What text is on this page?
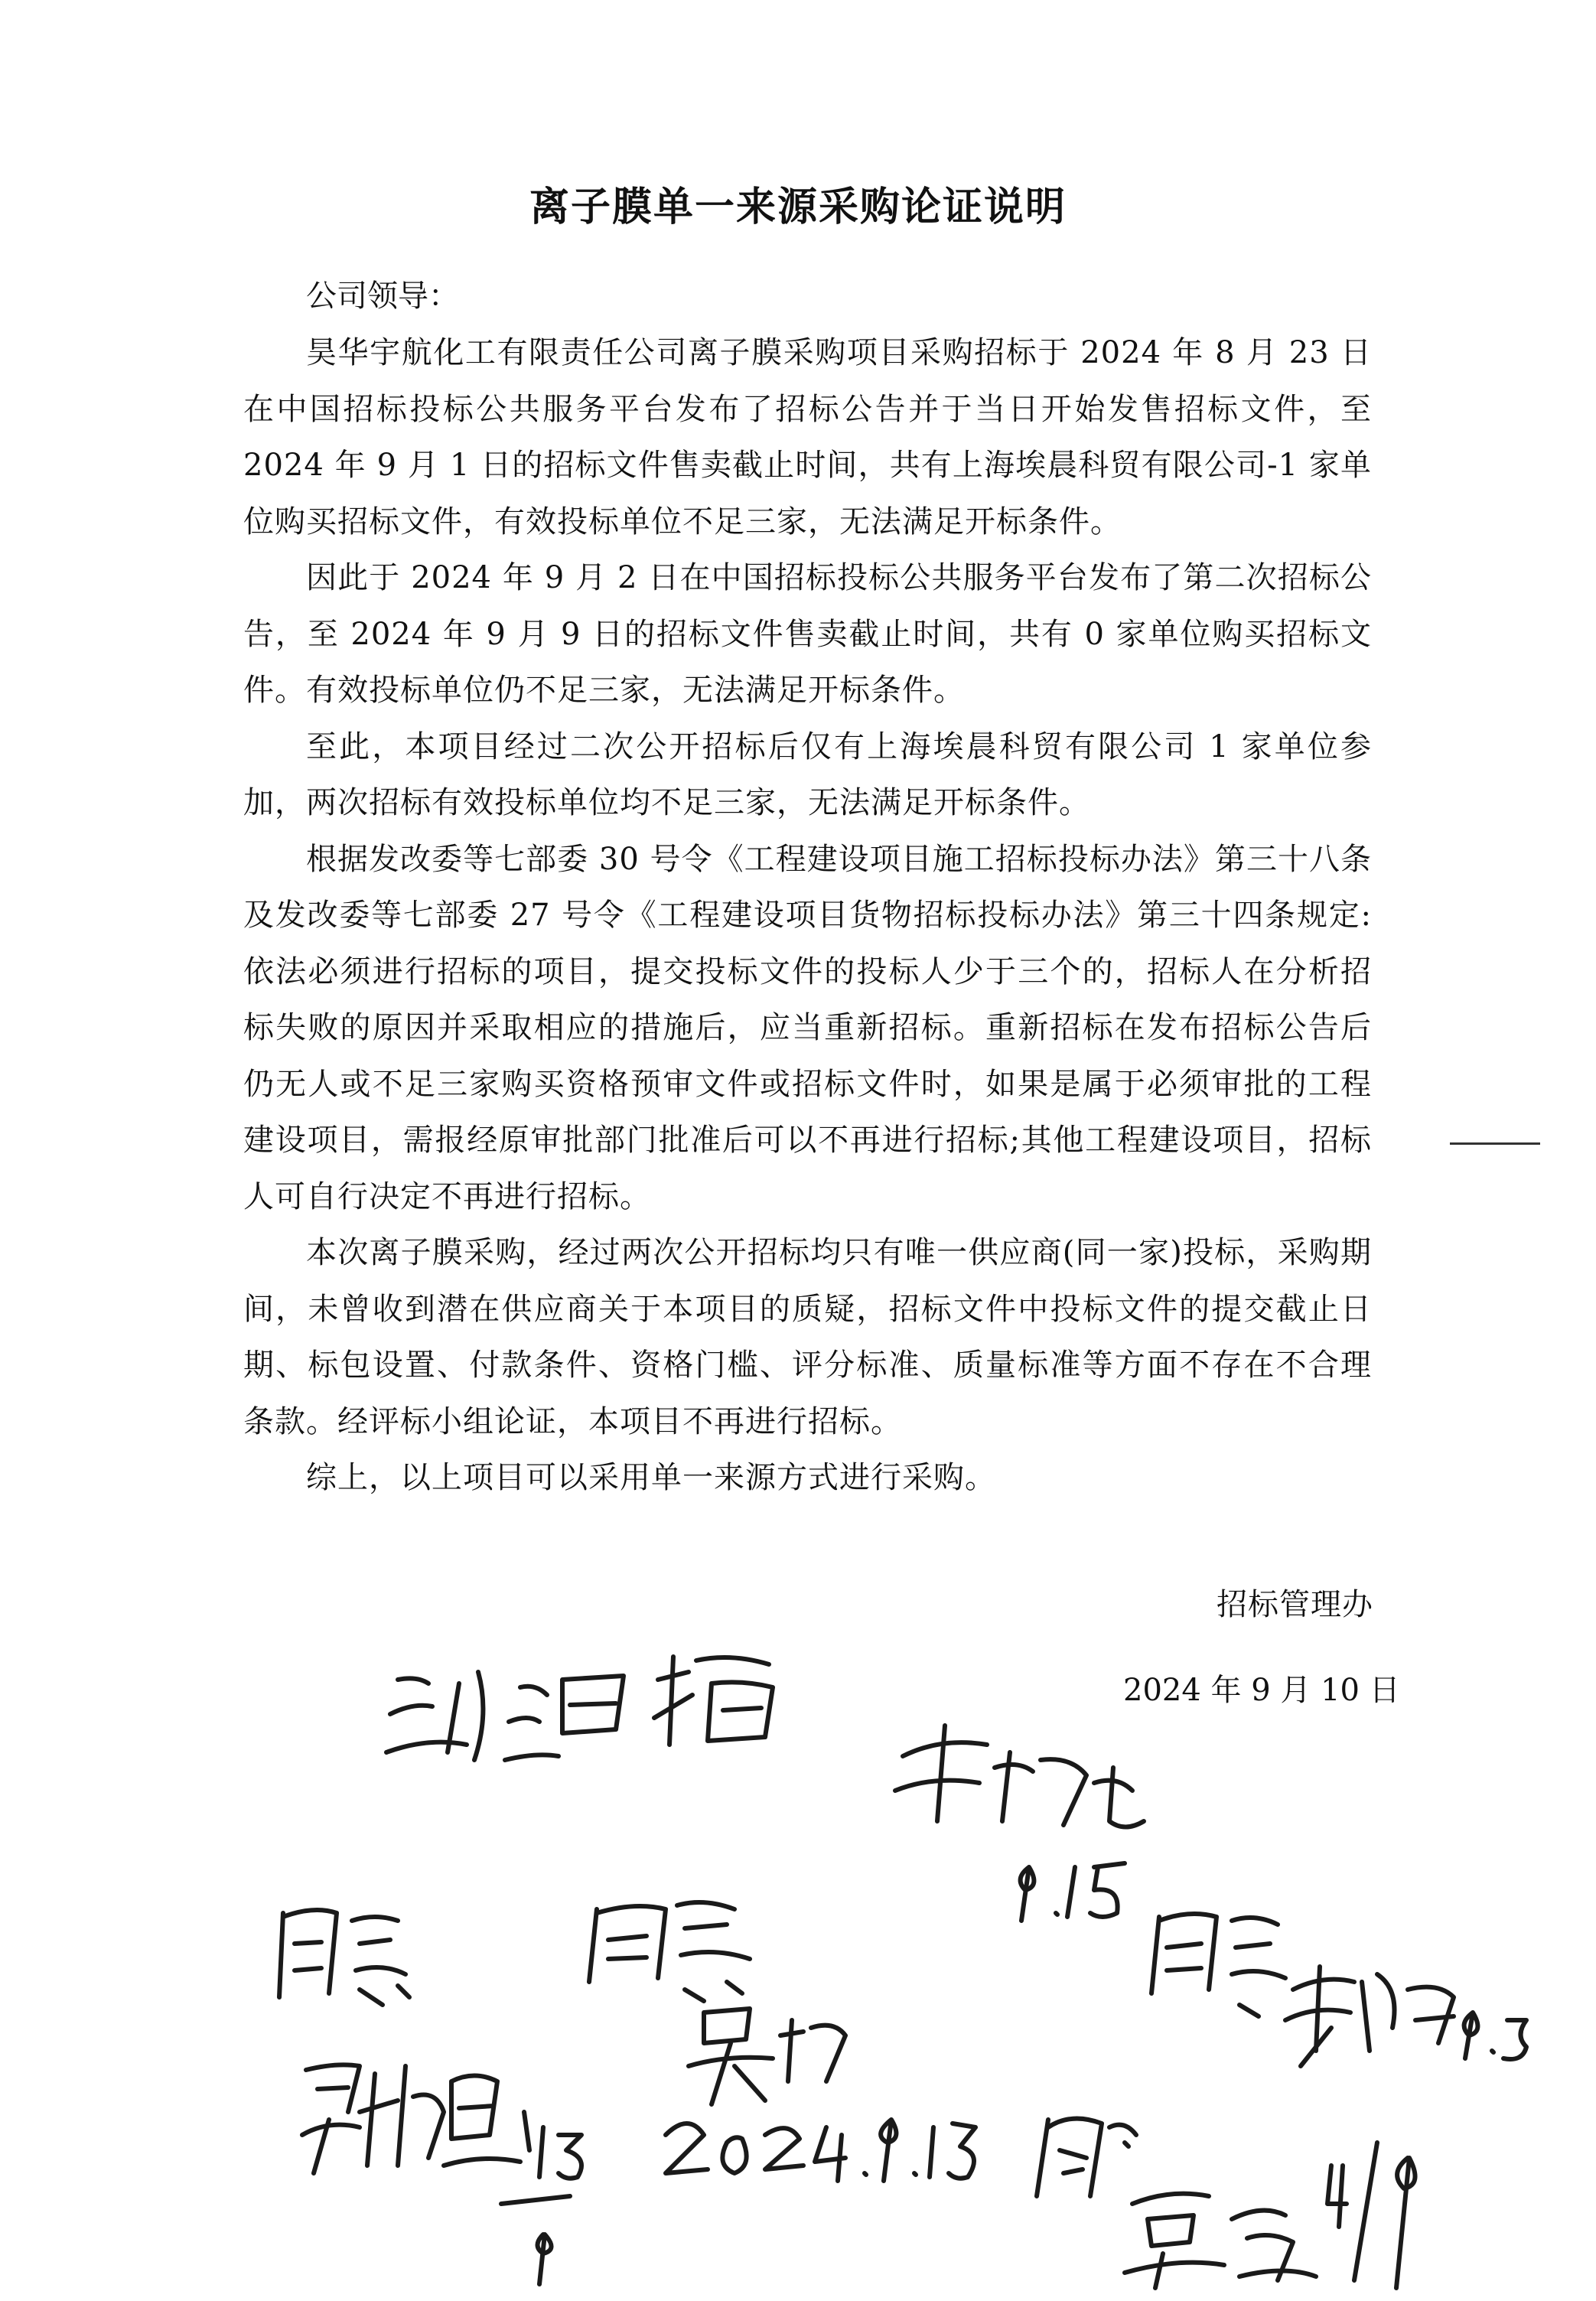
离子膜单一来源采购论证说明
公司领导：

昊华宇航化工有限责任公司离子膜采购项目采购招标于 2024 年 8 月 23 日在中国招标投标公共服务平台发布了招标公告并于当日开始发售招标文件，至 2024 年 9 月 1 日的招标文件售卖截止时间，共有上海埃晨科贸有限公司-1 家单位购买招标文件，有效投标单位不足三家，无法满足开标条件。

因此于 2024 年 9 月 2 日在中国招标投标公共服务平台发布了第二次招标公告，至 2024 年 9 月 9 日的招标文件售卖截止时间，共有 0 家单位购买招标文件。有效投标单位仍不足三家，无法满足开标条件。

至此，本项目经过二次公开招标后仅有上海埃晨科贸有限公司 1 家单位参加，两次招标有效投标单位均不足三家，无法满足开标条件。

根据发改委等七部委 30 号令《工程建设项目施工招标投标办法》第三十八条及发改委等七部委 27 号令《工程建设项目货物招标投标办法》第三十四条规定:依法必须进行招标的项目，提交投标文件的投标人少于三个的，招标人在分析招标失败的原因并采取相应的措施后，应当重新招标。重新招标在发布招标公告后仍无人或不足三家购买资格预审文件或招标文件时，如果是属于必须审批的工程建设项目，需报经原审批部门批准后可以不再进行招标;其他工程建设项目，招标人可自行决定不再进行招标。

本次离子膜采购，经过两次公开招标均只有唯一供应商(同一家)投标，采购期间，未曾收到潜在供应商关于本项目的质疑，招标文件中投标文件的提交截止日期、标包设置、付款条件、资格门槛、评分标准、质量标准等方面不存在不合理条款。经评标小组论证，本项目不再进行招标。

综上，以上项目可以采用单一来源方式进行采购。

招标管理办
2024 年 9 月 10 日
